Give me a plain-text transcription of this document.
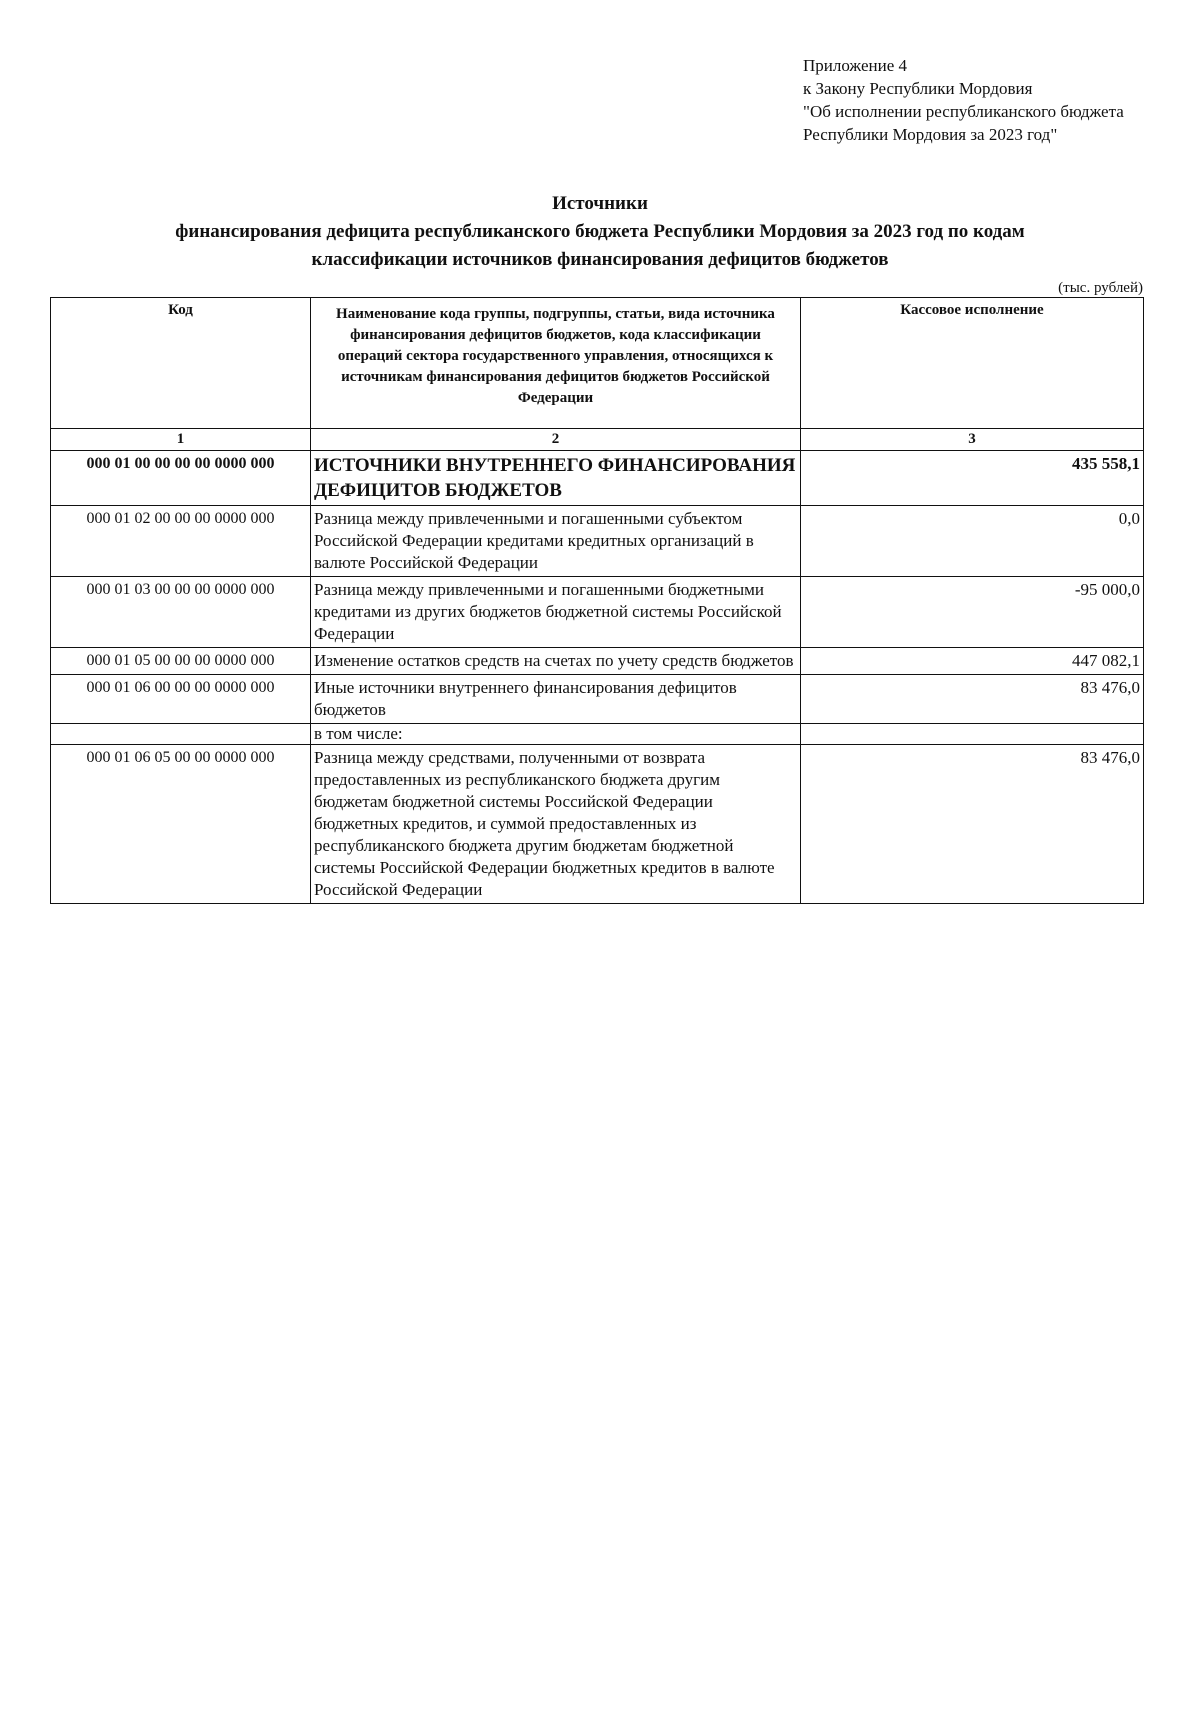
Приложение 4
к Закону Республики Мордовия
"Об исполнении республиканского бюджета
Республики Мордовия за 2023 год"
Источники
финансирования дефицита республиканского бюджета Республики Мордовия за 2023 год по кодам
классификации источников финансирования дефицитов бюджетов
(тыс. рублей)
Код	Наименование кода группы, подгруппы, статьи, вида источника финансирования дефицитов бюджетов, кода классификации операций сектора государственного управления, относящихся к источникам финансирования дефицитов бюджетов Российской Федерации	Кассовое исполнение
1	2	3
000 01 00 00 00 00 0000 000	ИСТОЧНИКИ ВНУТРЕННЕГО ФИНАНСИРОВАНИЯ ДЕФИЦИТОВ БЮДЖЕТОВ	435 558,1
000 01 02 00 00 00 0000 000	Разница между привлеченными и погашенными субъектом Российской Федерации кредитами кредитных организаций в валюте Российской Федерации	0,0
000 01 03 00 00 00 0000 000	Разница между привлеченными и погашенными бюджетными кредитами из других бюджетов бюджетной системы Российской Федерации	-95 000,0
000 01 05 00 00 00 0000 000	Изменение остатков средств на счетах по учету средств бюджетов	447 082,1
000 01 06 00 00 00 0000 000	Иные источники внутреннего финансирования дефицитов бюджетов	83 476,0
	в том числе:	
000 01 06 05 00 00 0000 000	Разница между средствами, полученными от возврата предоставленных из республиканского бюджета другим бюджетам бюджетной системы Российской Федерации бюджетных кредитов, и суммой предоставленных из республиканского бюджета другим бюджетам бюджетной системы Российской Федерации бюджетных кредитов в валюте Российской Федерации	83 476,0
